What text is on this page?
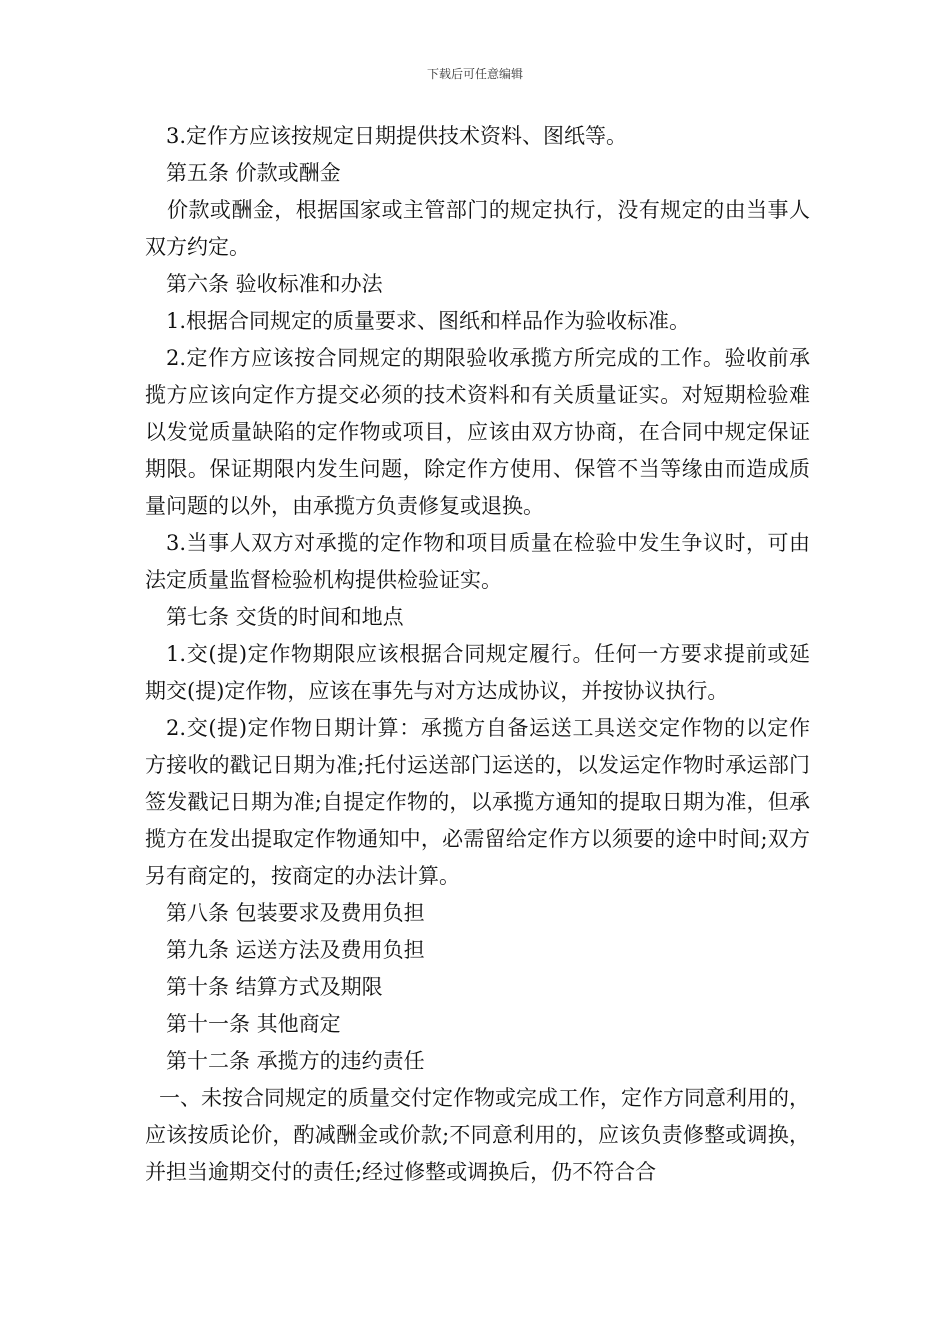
下载后可任意编辑

3.定作方应该按规定日期提供技术资料、图纸等。

第五条 价款或酬金

价款或酬金，根据国家或主管部门的规定执行，没有规定的由当事人双方约定。

第六条 验收标准和办法

1.根据合同规定的质量要求、图纸和样品作为验收标准。

2.定作方应该按合同规定的期限验收承揽方所完成的工作。验收前承揽方应该向定作方提交必须的技术资料和有关质量证实。对短期检验难以发觉质量缺陷的定作物或项目，应该由双方协商，在合同中规定保证期限。保证期限内发生问题，除定作方使用、保管不当等缘由而造成质量问题的以外，由承揽方负责修复或退换。

3.当事人双方对承揽的定作物和项目质量在检验中发生争议时，可由法定质量监督检验机构提供检验证实。

第七条 交货的时间和地点

1.交(提)定作物期限应该根据合同规定履行。任何一方要求提前或延期交(提)定作物，应该在事先与对方达成协议，并按协议执行。

2.交(提)定作物日期计算：承揽方自备运送工具送交定作物的以定作方接收的戳记日期为准;托付运送部门运送的，以发运定作物时承运部门签发戳记日期为准;自提定作物的，以承揽方通知的提取日期为准，但承揽方在发出提取定作物通知中，必需留给定作方以须要的途中时间;双方另有商定的，按商定的办法计算。

第八条 包装要求及费用负担

第九条 运送方法及费用负担

第十条 结算方式及期限

第十一条 其他商定

第十二条 承揽方的违约责任

一、未按合同规定的质量交付定作物或完成工作，定作方同意利用的，应该按质论价，酌减酬金或价款;不同意利用的，应该负责修整或调换，并担当逾期交付的责任;经过修整或调换后，仍不符合合
